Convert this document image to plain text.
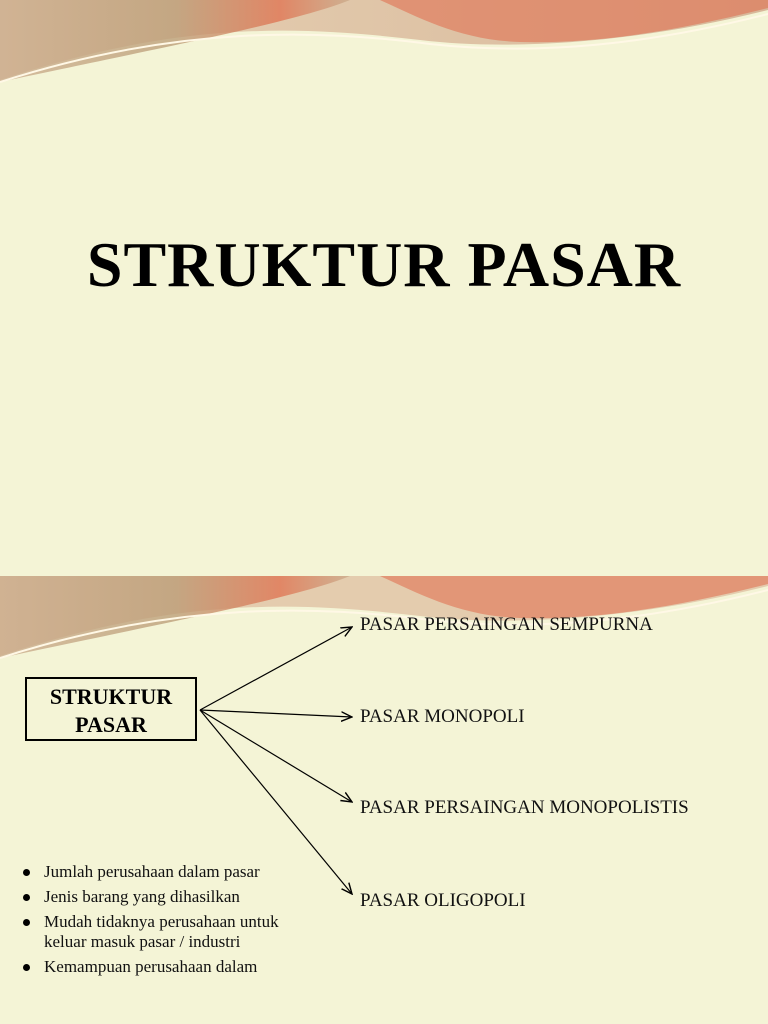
STRUKTUR PASAR
STRUKTUR
PASAR
PASAR PERSAINGAN SEMPURNA
PASAR MONOPOLI
PASAR PERSAINGAN MONOPOLISTIS
PASAR OLIGOPOLI
Jumlah perusahaan dalam pasar
Jenis barang yang dihasilkan
Mudah tidaknya perusahaan untuk keluar masuk pasar / industri
Kemampuan perusahaan dalam
